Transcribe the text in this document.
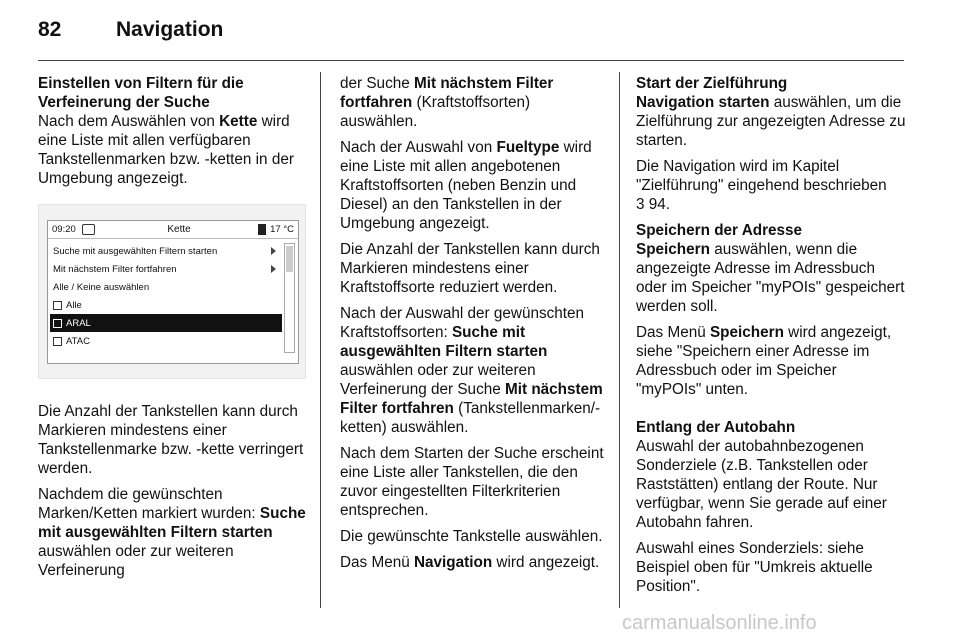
82	Navigation
Einstellen von Filtern für die Verfeinerung der Suche

Nach dem Auswählen von Kette wird eine Liste mit allen verfügbaren Tankstellenmarken bzw. -ketten in der Umgebung angezeigt.

09:20	Kette	17 °C
Suche mit ausgewählten Filtern starten
Mit nächstem Filter fortfahren
Alle / Keine auswählen
Alle
ARAL
ATAC

Die Anzahl der Tankstellen kann durch Markieren mindestens einer Tankstellenmarke bzw. -kette verringert werden.

Nachdem die gewünschten Marken/Ketten markiert wurden: Suche mit ausgewählten Filtern starten auswählen oder zur weiteren Verfeinerung

der Suche Mit nächstem Filter fortfahren (Kraftstoffsorten) auswählen.

Nach der Auswahl von Fueltype wird eine Liste mit allen angebotenen Kraftstoffsorten (neben Benzin und Diesel) an den Tankstellen in der Umgebung angezeigt.

Die Anzahl der Tankstellen kann durch Markieren mindestens einer Kraftstoffsorte reduziert werden.

Nach der Auswahl der gewünschten Kraftstoffsorten: Suche mit ausgewählten Filtern starten auswählen oder zur weiteren Verfeinerung der Suche Mit nächstem Filter fortfahren (Tankstellenmarken/-ketten) auswählen.

Nach dem Starten der Suche erscheint eine Liste aller Tankstellen, die den zuvor eingestellten Filterkriterien entsprechen.

Die gewünschte Tankstelle auswählen.

Das Menü Navigation wird angezeigt.

Start der Zielführung

Navigation starten auswählen, um die Zielführung zur angezeigten Adresse zu starten.

Die Navigation wird im Kapitel "Zielführung" eingehend beschrieben
3 94.

Speichern der Adresse

Speichern auswählen, wenn die angezeigte Adresse im Adressbuch oder im Speicher "myPOIs" gespeichert werden soll.

Das Menü Speichern wird angezeigt, siehe "Speichern einer Adresse im Adressbuch oder im Speicher "myPOIs" unten.

Entlang der Autobahn

Auswahl der autobahnbezogenen Sonderziele (z.B. Tankstellen oder Raststätten) entlang der Route. Nur verfügbar, wenn Sie gerade auf einer Autobahn fahren.

Auswahl eines Sonderziels: siehe Beispiel oben für "Umkreis aktuelle Position".

carmanualsonline.info
